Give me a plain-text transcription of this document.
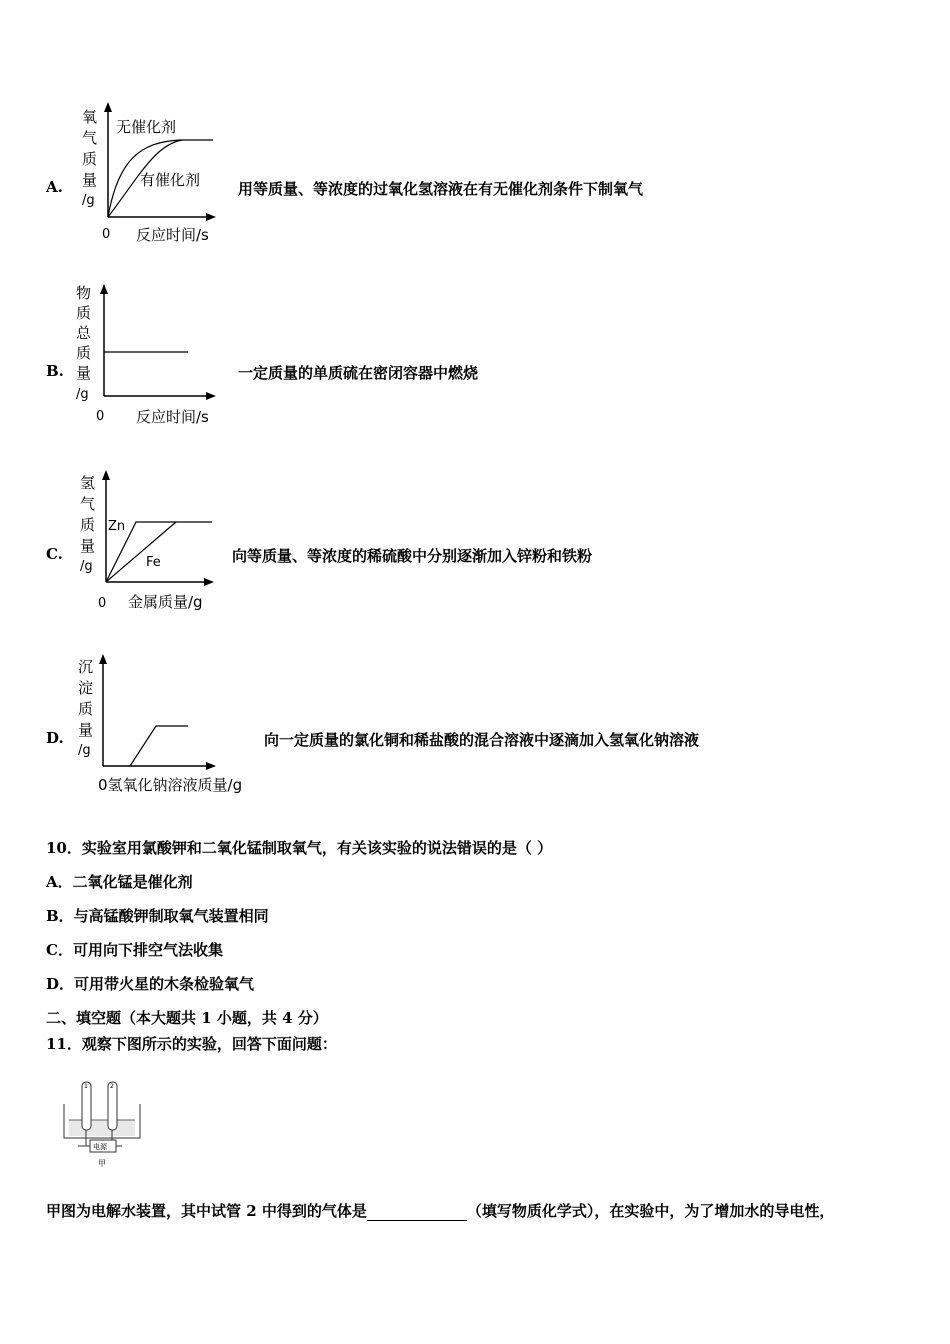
A.
氧
气
质
量
/g
无催化剂
有催化剂
0 反应时间/s
用等质量、等浓度的过氧化氢溶液在有无催化剂条件下制氧气
B.
物
质
总
质
量
/g
0 反应时间/s
一定质量的单质硫在密闭容器中燃烧
C.
氢
气
质
量
/g
Zn
Fe
0 金属质量/g
向等质量、等浓度的稀硫酸中分别逐渐加入锌粉和铁粉
D.
沉
淀
质
量
/g
0氢氧化钠溶液质量/g
向一定质量的氯化铜和稀盐酸的混合溶液中逐滴加入氢氧化钠溶液
10．实验室用氯酸钾和二氧化锰制取氧气，有关该实验的说法错误的是（ ）
A．二氧化锰是催化剂
B．与高锰酸钾制取氧气装置相同
C．可用向下排空气法收集
D．可用带火星的木条检验氧气
二、填空题（本大题共 1 小题，共 4 分）
11．观察下图所示的实验，回答下面问题：
1	2
电源
甲
甲图为电解水装置，其中试管 2 中得到的气体是	（填写物质化学式），在实验中，为了增加水的导电性，
